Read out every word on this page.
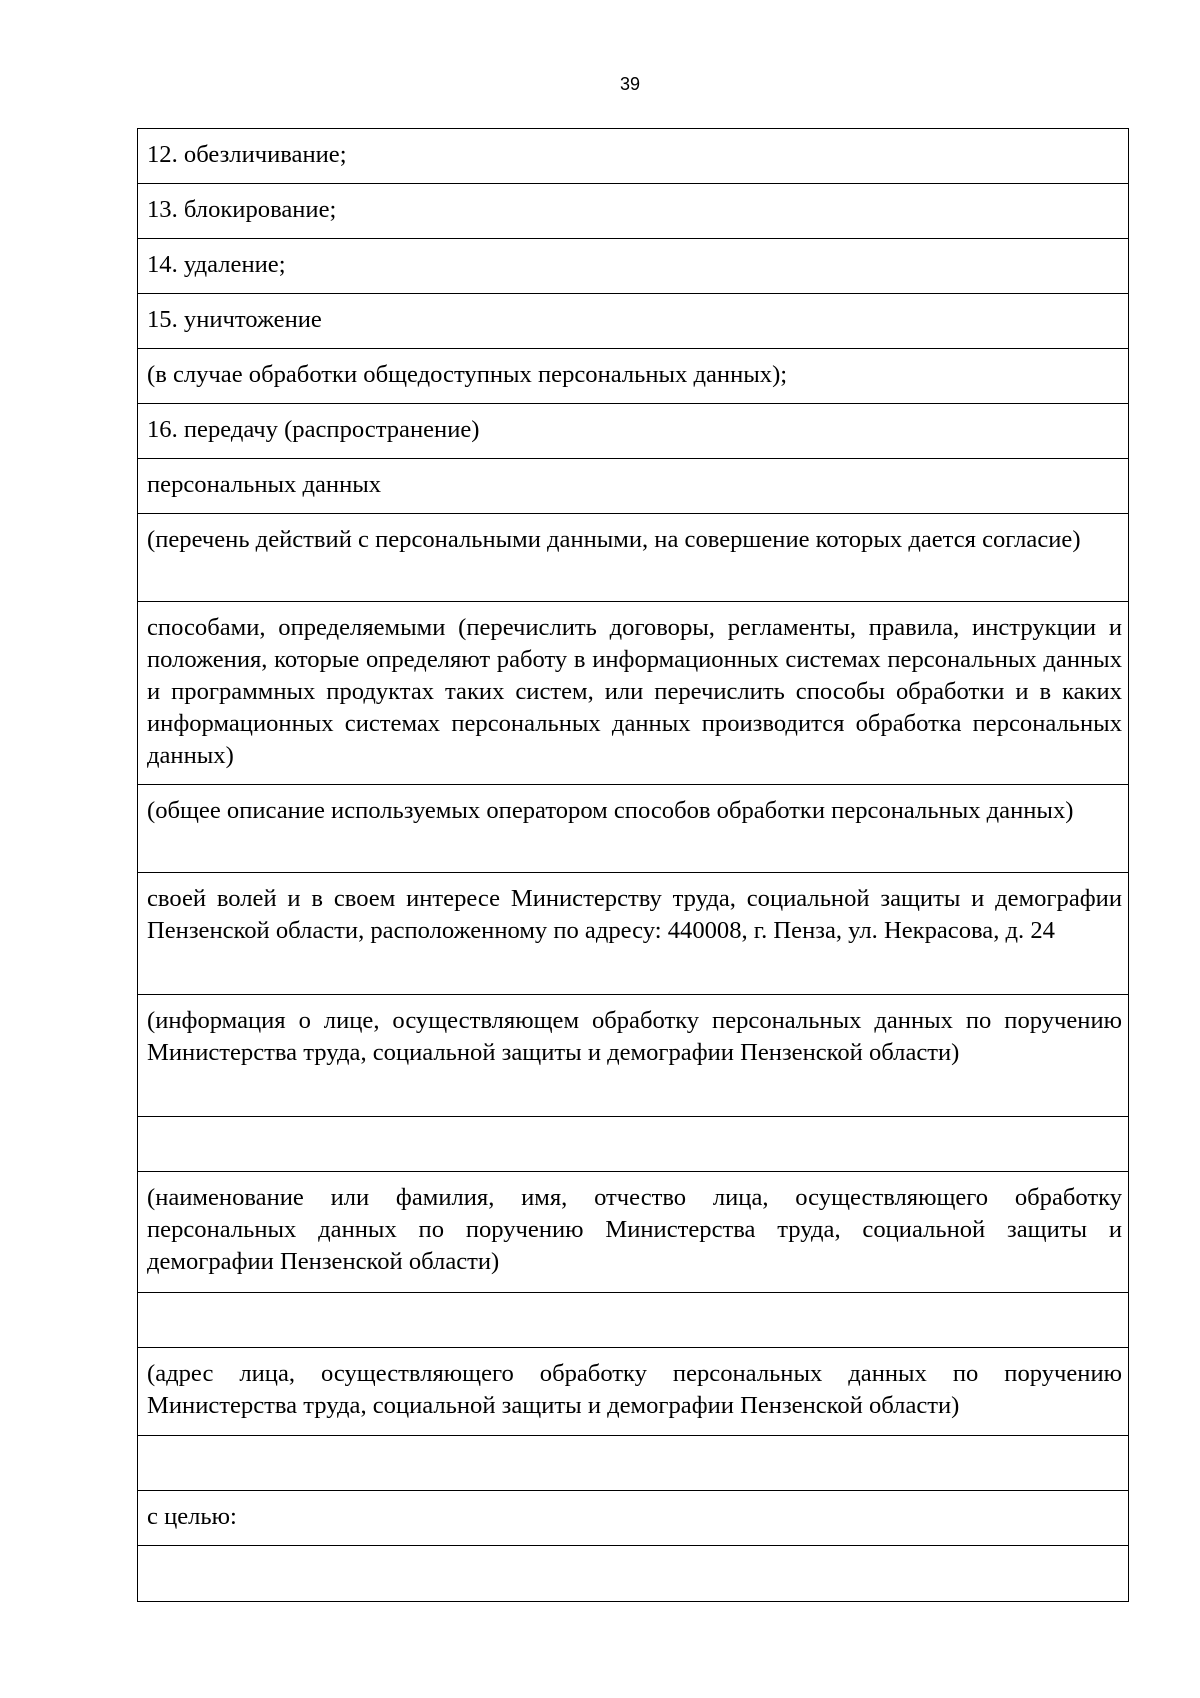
39
12. обезличивание;
13. блокирование;
14. удаление;
15. уничтожение
(в случае обработки общедоступных персональных данных);
16. передачу (распространение)
персональных данных
(перечень действий с персональными данными, на совершение которых дается согласие)
способами, определяемыми (перечислить договоры, регламенты, правила, инструкции и положения, которые определяют работу в информационных системах персональных данных и программных продуктах таких систем, или перечислить способы обработки и в каких информационных системах персональных данных производится обработка персональных данных)
(общее описание используемых оператором способов обработки персональных данных)
своей волей и в своем интересе Министерству труда, социальной защиты и демографии Пензенской области, расположенному по адресу: 440008, г. Пенза, ул. Некрасова, д. 24
(информация о лице, осуществляющем обработку персональных данных по поручению Министерства труда, социальной защиты и демографии Пензенской области)
(наименование или фамилия, имя, отчество лица, осуществляющего обработку персональных данных по поручению Министерства труда, социальной защиты и демографии Пензенской области)
(адрес лица, осуществляющего обработку персональных данных по поручению Министерства труда, социальной защиты и демографии Пензенской области)
с целью:
